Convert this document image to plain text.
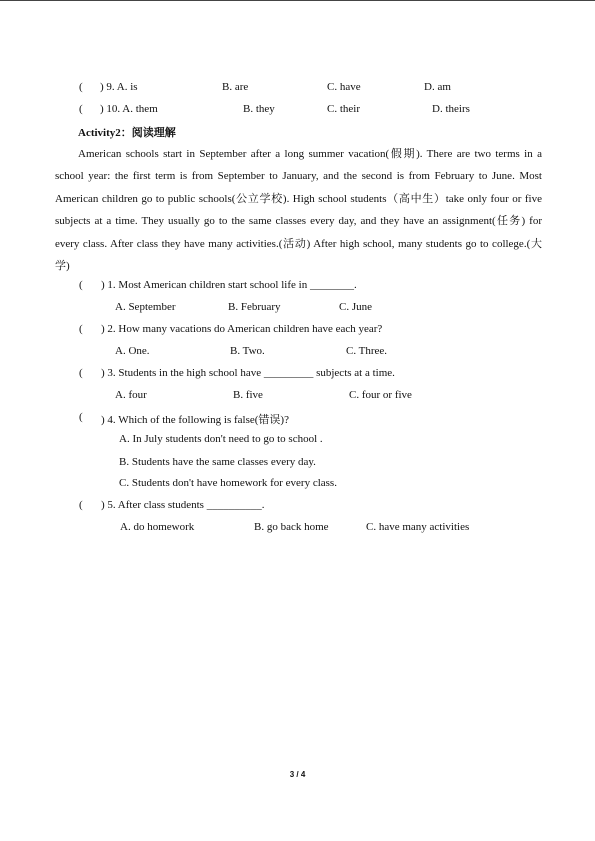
( ) 9. A. is	B. are	C. have	D. am
( ) 10. A. them	B. they	C. their	D. theirs
Activity2：阅读理解
American schools start in September after a long summer vacation(假期). There are two terms in a school year: the first term is from September to January, and the second is from February to June. Most American children go to public schools(公立学校). High school students（高中生）take only four or five subjects at a time. They usually go to the same classes every day, and they have an assignment(任务) for every class. After class they have many activities.(活动) After high school, many students go to college.(大学)
( ) 1. Most American children start school life in ________.
A. September	B. February	C. June
( ) 2. How many vacations do American children have each year?
A. One.	B. Two.	C. Three.
( ) 3. Students in the high school have _________ subjects at a time.
A. four	B. five	C. four or five
( ) 4. Which of the following is false(错误)?
A. In July students don't need to go to school .
B. Students have the same classes every day.
C. Students don't have homework for every class.
( ) 5. After class students __________.
A. do homework	B. go back home	C. have many activities
3 / 4
